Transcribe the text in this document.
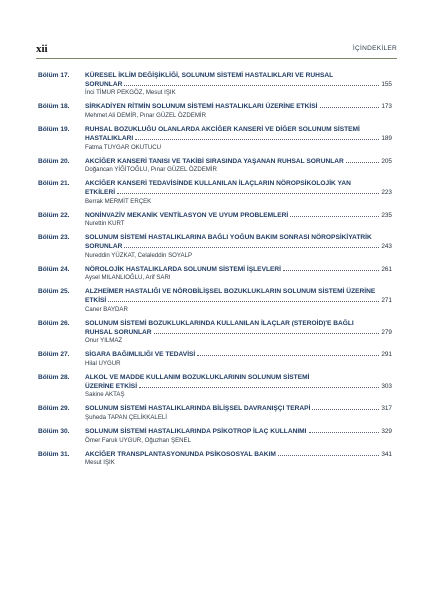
xii	İÇİNDEKİLER
Bölüm 17. KÜRESEL İKLİM DEĞİŞİKLİĞİ, SOLUNUM SİSTEMİ HASTALIKLARI VE RUHSAL
SORUNLAR	155
İnci TİMUR PEKGÖZ, Mesut IŞIK
Bölüm 18. SİRKADİYEN RİTMİN SOLUNUM SİSTEMİ HASTALIKLARI ÜZERİNE ETKİSİ	173
Mehmet Ali DEMİR, Pınar GÜZEL ÖZDEMİR
Bölüm 19. RUHSAL BOZUKLUĞU OLANLARDA AKCİĞER KANSERİ VE DİĞER SOLUNUM SİSTEMİ
HASTALIKLARI	189
Fatma TUYGAR OKUTUCU
Bölüm 20. AKCİĞER KANSERİ TANISI VE TAKİBİ SIRASINDA YAŞANAN RUHSAL SORUNLAR	205
Doğancan YİĞİTOĞLU, Pınar GÜZEL ÖZDEMİR
Bölüm 21. AKCİĞER KANSERİ TEDAVİSİNDE KULLANILAN İLAÇLARIN NÖROPSİKOLOJİK YAN
ETKİLERİ	223
Berrak MERMİT ERÇEK
Bölüm 22. NONİNVAZİV MEKANİK VENTİLASYON VE UYUM PROBLEMLERİ	235
Nurettin KURT
Bölüm 23. SOLUNUM SİSTEMİ HASTALIKLARINA BAĞLI YOĞUN BAKIM SONRASI NÖROPSİKİYATRİK
SORUNLAR	243
Nureddin YÜZKAT, Celaleddin SOYALP
Bölüm 24. NÖROLOJİK HASTALIKLARDA SOLUNUM SİSTEMİ İŞLEVLERİ	261
Aysel MILANLIOĞLU, Arif SARI
Bölüm 25. ALZHEİMER HASTALIĞI VE NÖROBİLİŞSEL BOZUKLUKLARIN SOLUNUM SİSTEMİ ÜZERİNE
ETKİSİ	271
Caner BAYDAR
Bölüm 26. SOLUNUM SİSTEMİ BOZUKLUKLARINDA KULLANILAN İLAÇLAR (STEROİD)'E BAĞLI
RUHSAL SORUNLAR	279
Onur YILMAZ
Bölüm 27. SİGARA BAĞIMLILIĞI VE TEDAVİSİ	291
Hilal UYGUR
Bölüm 28. ALKOL VE MADDE KULLANIM BOZUKLUKLARININ SOLUNUM SİSTEMİ
ÜZERİNE ETKİSİ	303
Sakine AKTAŞ
Bölüm 29. SOLUNUM SİSTEMİ HASTALIKLARINDA BİLİŞSEL DAVRANIŞÇI TERAPİ	317
Şuheda TAPAN ÇELİKKALELİ
Bölüm 30. SOLUNUM SİSTEMİ HASTALIKLARINDA PSİKOTROP İLAÇ KULLANIMI	329
Ömer Faruk UYGUR, Oğuzhan ŞENEL
Bölüm 31. AKCİĞER TRANSPLANTASYONUNDA PSİKOSOSYAL BAKIM	341
Mesut IŞIK
